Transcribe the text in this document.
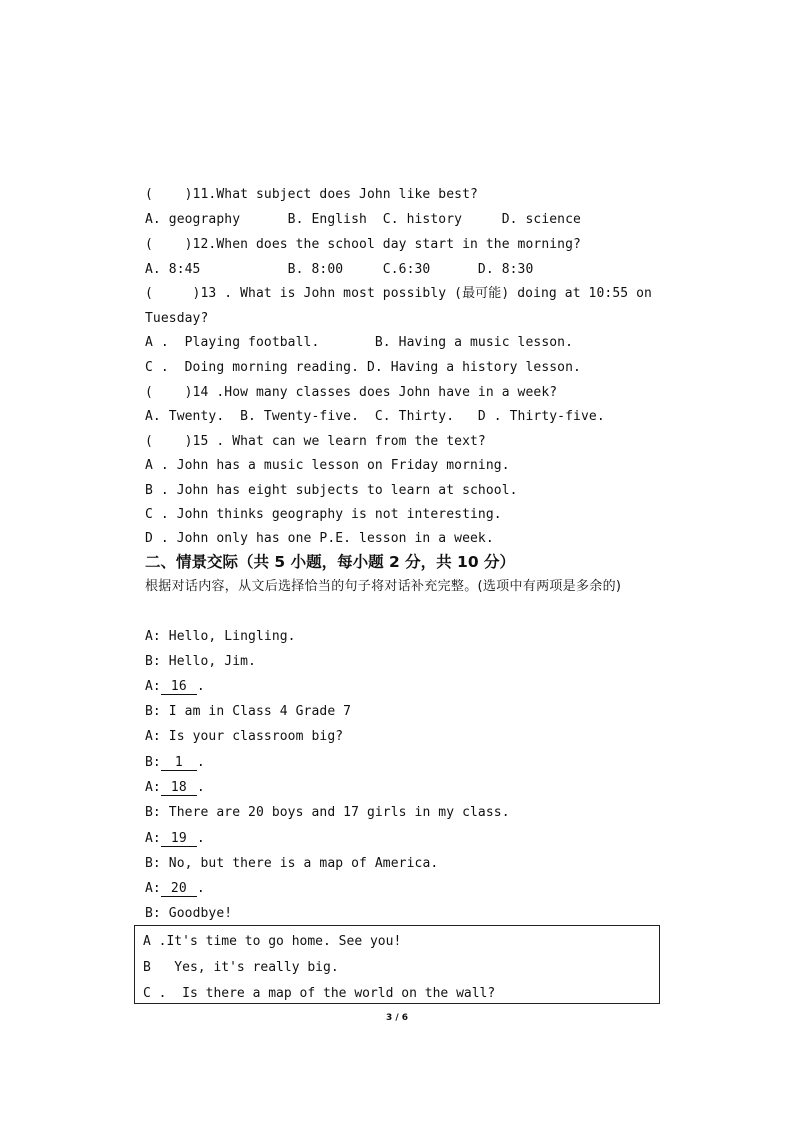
(    )11.What subject does John like best?
A. geography      B. English  C. history     D. science
(    )12.When does the school day start in the morning?
A. 8:45           B. 8:00     C.6:30      D. 8:30
(     )13 . What is John most possibly (最可能) doing at 10:55 on
Tuesday?
A .  Playing football.       B. Having a music lesson.
C .  Doing morning reading. D. Having a history lesson.
(    )14 .How many classes does John have in a week?
A. Twenty.  B. Twenty-five.  C. Thirty.   D . Thirty-five.
(    )15 . What can we learn from the text?
A . John has a music lesson on Friday morning.
B . John has eight subjects to learn at school.
C . John thinks geography is not interesting.
D . John only has one P.E. lesson in a week.
二、情景交际（共 5 小题，每小题 2 分，共 10 分）
根据对话内容，从文后选择恰当的句子将对话补充完整。(选项中有两项是多余的)
A: Hello, Lingling.
B: Hello, Jim.
A: 16 .
B: I am in Class 4 Grade 7
A: Is your classroom big?
B: 1 .
A: 18 .
B: There are 20 boys and 17 girls in my class.
A: 19 .
B: No, but there is a map of America.
A: 20 .
B: Goodbye!
A .It's time to go home. See you!
B   Yes, it's really big.
C .  Is there a map of the world on the wall?
3 / 6
